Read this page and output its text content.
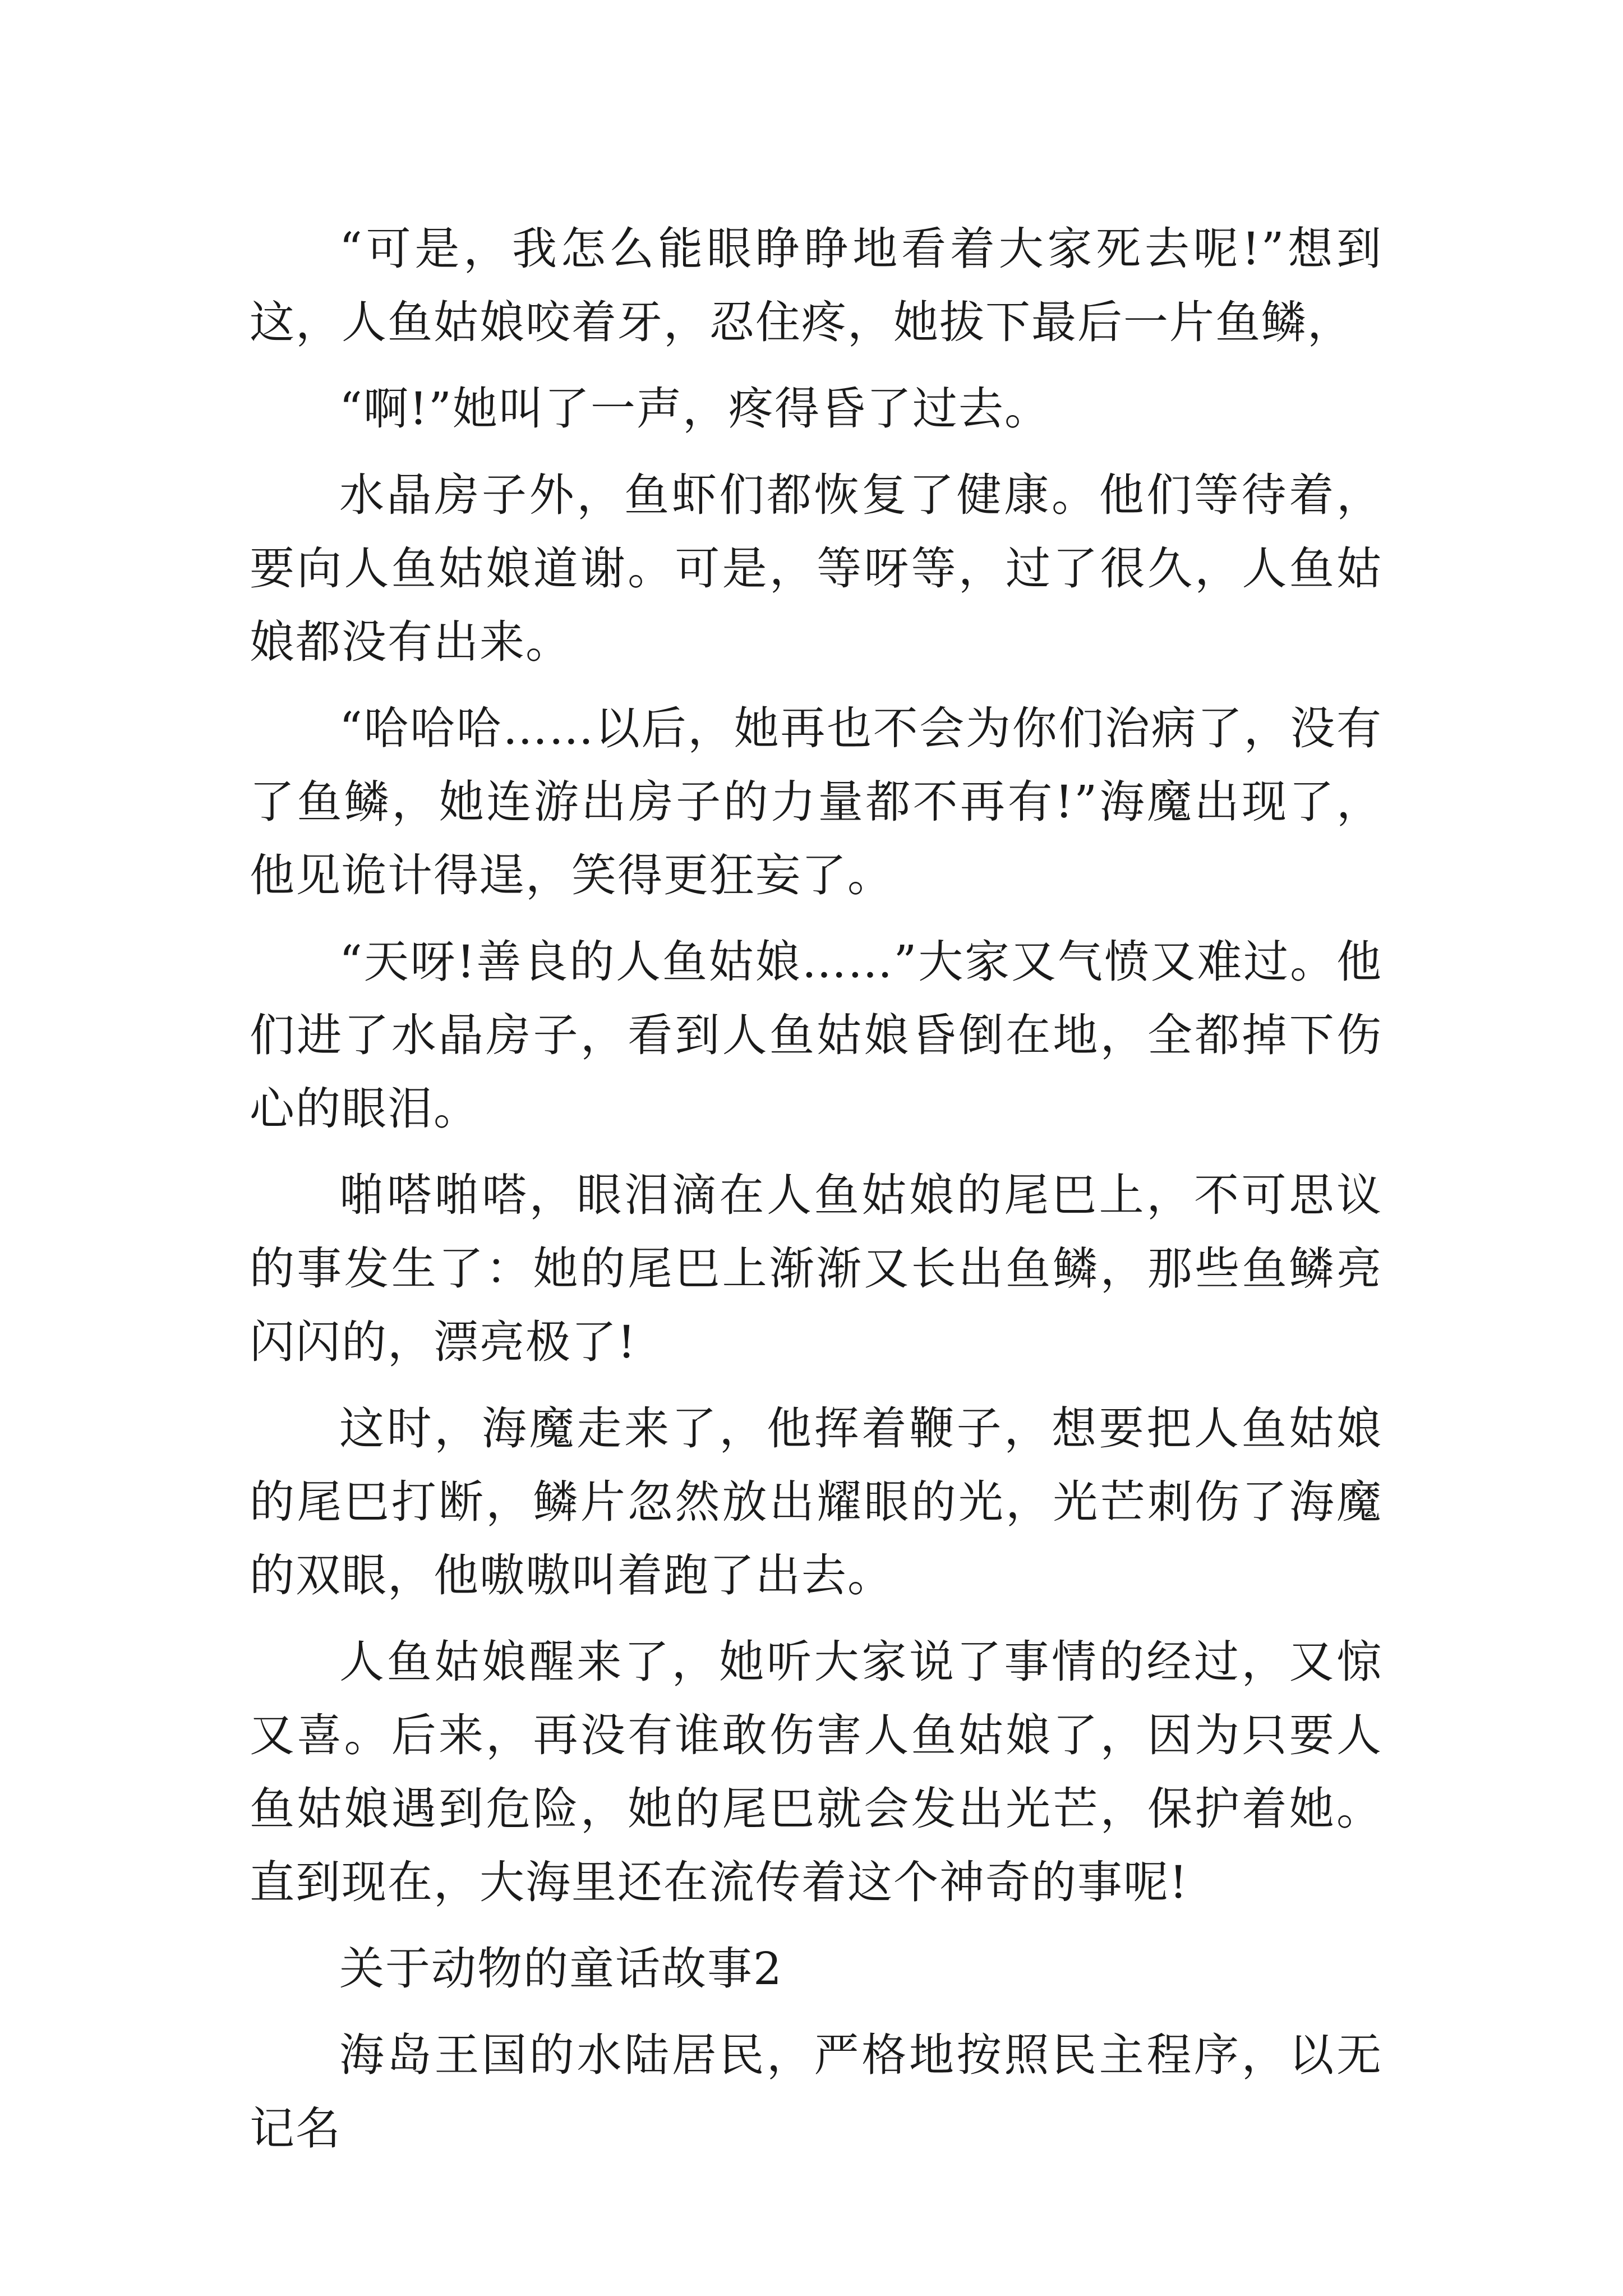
“可是，我怎么能眼睁睁地看着大家死去呢!”想到这，人鱼姑娘咬着牙，忍住疼，她拔下最后一片鱼鳞，

“啊!”她叫了一声，疼得昏了过去。

水晶房子外，鱼虾们都恢复了健康。他们等待着，要向人鱼姑娘道谢。可是，等呀等，过了很久，人鱼姑娘都没有出来。

“哈哈哈……以后，她再也不会为你们治病了，没有了鱼鳞，她连游出房子的力量都不再有!”海魔出现了，他见诡计得逞，笑得更狂妄了。

“天呀!善良的人鱼姑娘……”大家又气愤又难过。他们进了水晶房子，看到人鱼姑娘昏倒在地，全都掉下伤心的眼泪。

啪嗒啪嗒，眼泪滴在人鱼姑娘的尾巴上，不可思议的事发生了：她的尾巴上渐渐又长出鱼鳞，那些鱼鳞亮闪闪的，漂亮极了!

这时，海魔走来了，他挥着鞭子，想要把人鱼姑娘的尾巴打断，鳞片忽然放出耀眼的光，光芒刺伤了海魔的双眼，他嗷嗷叫着跑了出去。

人鱼姑娘醒来了，她听大家说了事情的经过，又惊又喜。后来，再没有谁敢伤害人鱼姑娘了，因为只要人鱼姑娘遇到危险，她的尾巴就会发出光芒，保护着她。直到现在，大海里还在流传着这个神奇的事呢!

关于动物的童话故事2

海岛王国的水陆居民，严格地按照民主程序，以无记名
